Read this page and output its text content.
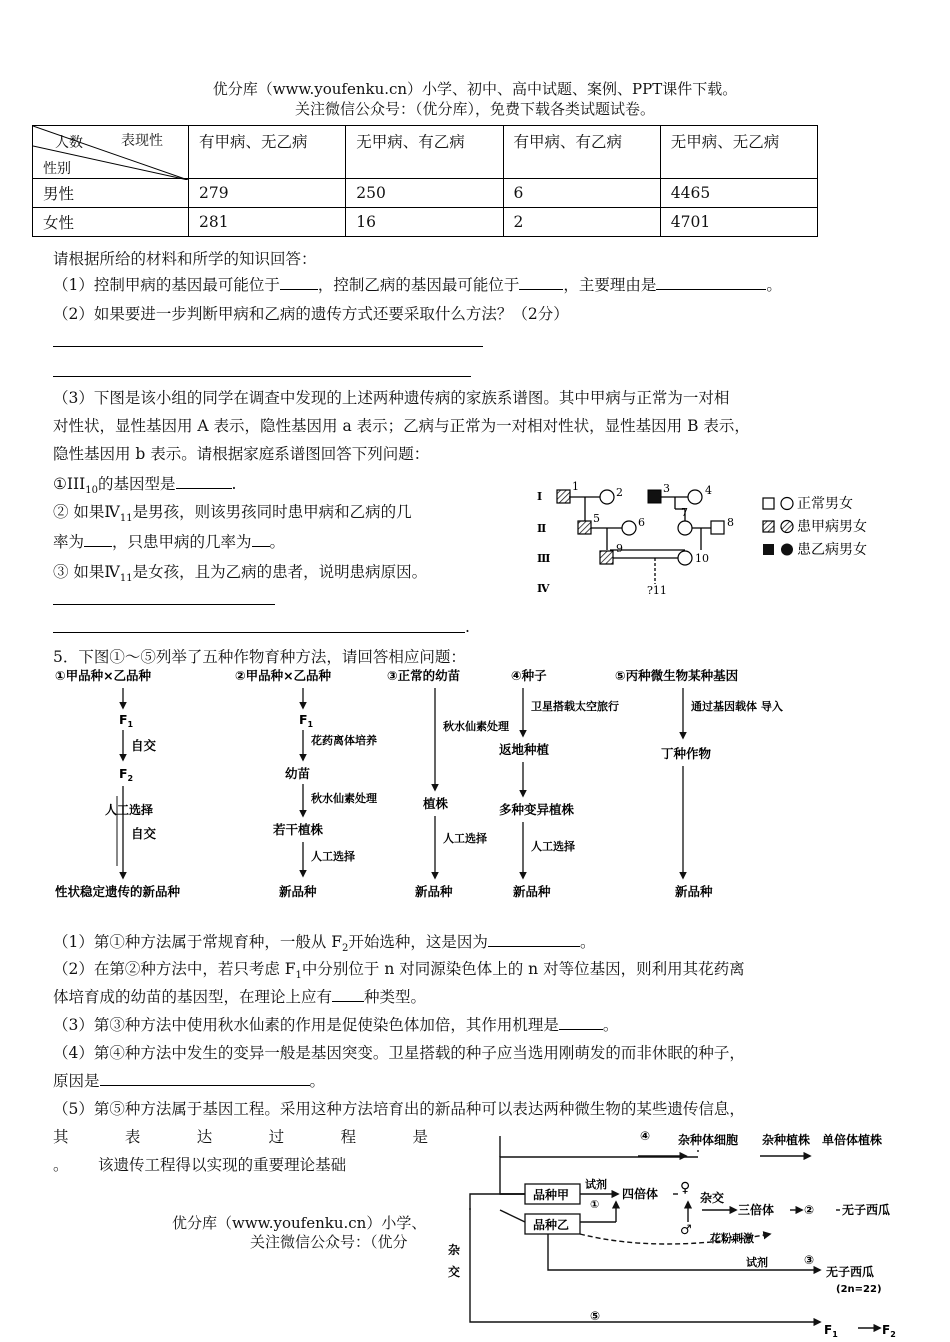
优分库（www.youfenku.cn）小学、初中、高中试题、案例、PPT课件下载。
关注微信公众号：（优分库），免费下载各类试题试卷。
表现性
人数
性别	有甲病、无乙病	无甲病、有乙病	有甲病、有乙病	无甲病、无乙病
男性	279	250	6	4465
女性	281	16	2	4701
请根据所给的材料和所学的知识回答：
（1）控制甲病的基因最可能位于 ，控制乙病的基因最可能位于	，主要理由是	。
（2）如果要进一步判断甲病和乙病的遗传方式还要采取什么方法？（2分）
（3）下图是该小组的同学在调查中发现的上述两种遗传病的家族系谱图。其中甲病与正常为一对相
对性状，显性基因用 A 表示，隐性基因用 a 表示；乙病与正常为一对相对性状，显性基因用 B 表示，
隐性基因用 b 表示。请根据家庭系谱图回答下列问题：
$①III_{10}$的基因型是	.
② 如果$Ⅳ_{11}$是男孩，则该男孩同时患甲病和乙病的几
率为 ，只患甲病的几率为 。
③ 如果$Ⅳ_{11}$是女孩，且为乙病的患者，说明患病原因。
.
Ⅰ
Ⅱ
Ⅲ
Ⅳ
1	2	3	4
5	6
7
8
9
10
?11
正常男女
患甲病男女
患乙病男女
5．下图①～⑤列举了五种作物育种方法，请回答相应问题：
①甲品种×乙品种
$F_1$
自交
$F_2$
人工选择
自交
性状稳定遗传的新品种
②甲品种×乙品种
$F_1$
花药离体培养
幼苗
秋水仙素处理
若干植株
人工选择
新品种
③正常的幼苗
秋水仙素处理
植株
人工选择
新品种
④种子
卫星搭载太空旅行
返地种植
多种变异植株
人工选择
新品种
⑤丙种微生物某种基因
通过基因载体 导入
丁种作物
新品种
（1）第①种方法属于常规育种，一般从 $F_2$开始选种，这是因为	。
（2）在第②种方法中，若只考虑 $F_1$中分别位于 n 对同源染色体上的 n 对等位基因，则利用其花药离
体培育成的幼苗的基因型，在理论上应有 种类型。
（3）第③种方法中使用秋水仙素的作用是促使染色体加倍，其作用机理是	。
（4）第④种方法中发生的变异一般是基因突变。卫星搭载的种子应当选用刚萌发的而非休眠的种子，
原因是	。
（5）第⑤种方法属于基因工程。采用这种方法培育出的新品种可以表达两种微生物的某些遗传信息，
其	表	达	过	程	是
。      该遗传工程得以实现的重要理论基础
优分库（www.youfenku.cn）小学、
关注微信公众号：（优分
④ 杂种体细胞 杂种植株 单倍体植株
品种甲
品种乙
试剂
①
四倍体 ♀
杂交
♂
三倍体 ② 无子西瓜
花粉刺激
试剂	③
无子西瓜
(2n=22)
杂
交
⑤
$F_1$	$F_2$
